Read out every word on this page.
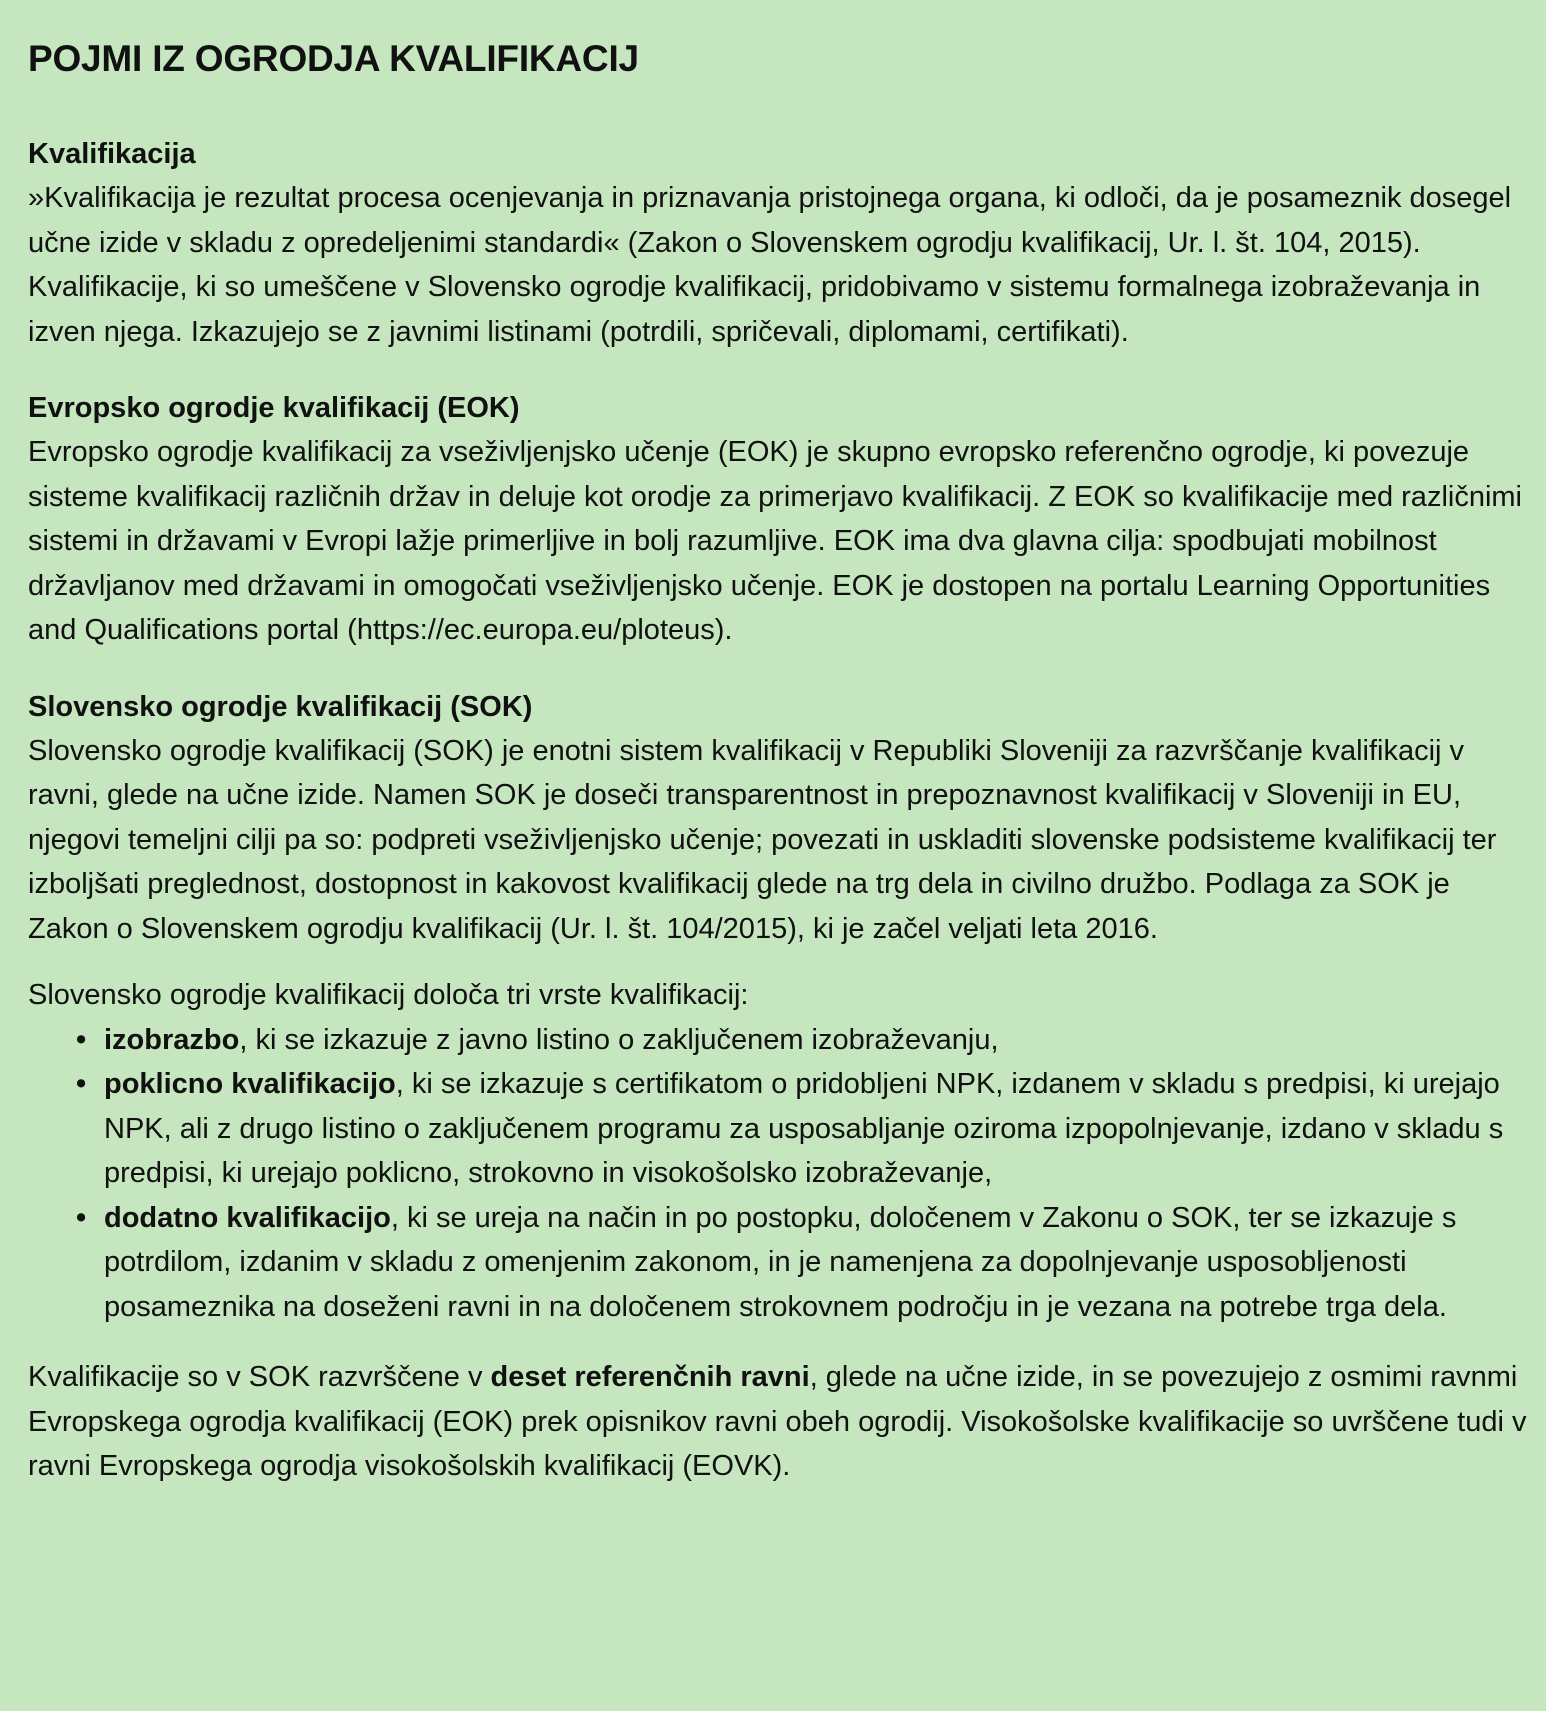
POJMI IZ OGRODJA KVALIFIKACIJ

Kvalifikacija

»Kvalifikacija je rezultat procesa ocenjevanja in priznavanja pristojnega organa, ki odloči, da je posameznik dosegel učne izide v skladu z opredeljenimi standardi« (Zakon o Slovenskem ogrodju kvalifikacij, Ur. l. št. 104, 2015). Kvalifikacije, ki so umeščene v Slovensko ogrodje kvalifikacij, pridobivamo v sistemu formalnega izobraževanja in izven njega. Izkazujejo se z javnimi listinami (potrdili, spričevali, diplomami, certifikati).

Evropsko ogrodje kvalifikacij (EOK)

Evropsko ogrodje kvalifikacij za vseživljenjsko učenje (EOK) je skupno evropsko referenčno ogrodje, ki povezuje sisteme kvalifikacij različnih držav in deluje kot orodje za primerjavo kvalifikacij. Z EOK so kvalifikacije med različnimi sistemi in državami v Evropi lažje primerljive in bolj razumljive. EOK ima dva glavna cilja: spodbujati mobilnost državljanov med državami in omogočati vseživljenjsko učenje. EOK je dostopen na portalu Learning Opportunities and Qualifications portal (https://ec.europa.eu/ploteus).

Slovensko ogrodje kvalifikacij (SOK)

Slovensko ogrodje kvalifikacij (SOK) je enotni sistem kvalifikacij v Republiki Sloveniji za razvrščanje kvalifikacij v ravni, glede na učne izide. Namen SOK je doseči transparentnost in prepoznavnost kvalifikacij v Sloveniji in EU, njegovi temeljni cilji pa so: podpreti vseživljenjsko učenje; povezati in uskladiti slovenske podsisteme kvalifikacij ter izboljšati preglednost, dostopnost in kakovost kvalifikacij glede na trg dela in civilno družbo. Podlaga za SOK je Zakon o Slovenskem ogrodju kvalifikacij (Ur. l. št. 104/2015), ki je začel veljati leta 2016.

Slovensko ogrodje kvalifikacij določa tri vrste kvalifikacij:

• izobrazbo, ki se izkazuje z javno listino o zaključenem izobraževanju,
• poklicno kvalifikacijo, ki se izkazuje s certifikatom o pridobljeni NPK, izdanem v skladu s predpisi, ki urejajo NPK, ali z drugo listino o zaključenem programu za usposabljanje oziroma izpopolnjevanje, izdano v skladu s predpisi, ki urejajo poklicno, strokovno in visokošolsko izobraževanje,
• dodatno kvalifikacijo, ki se ureja na način in po postopku, določenem v Zakonu o SOK, ter se izkazuje s potrdilom, izdanim v skladu z omenjenim zakonom, in je namenjena za dopolnjevanje usposobljenosti posameznika na doseženi ravni in na določenem strokovnem področju in je vezana na potrebe trga dela.

Kvalifikacije so v SOK razvrščene v deset referenčnih ravni, glede na učne izide, in se povezujejo z osmimi ravnmi Evropskega ogrodja kvalifikacij (EOK) prek opisnikov ravni obeh ogrodij. Visokošolske kvalifikacije so uvrščene tudi v ravni Evropskega ogrodja visokošolskih kvalifikacij (EOVK).
